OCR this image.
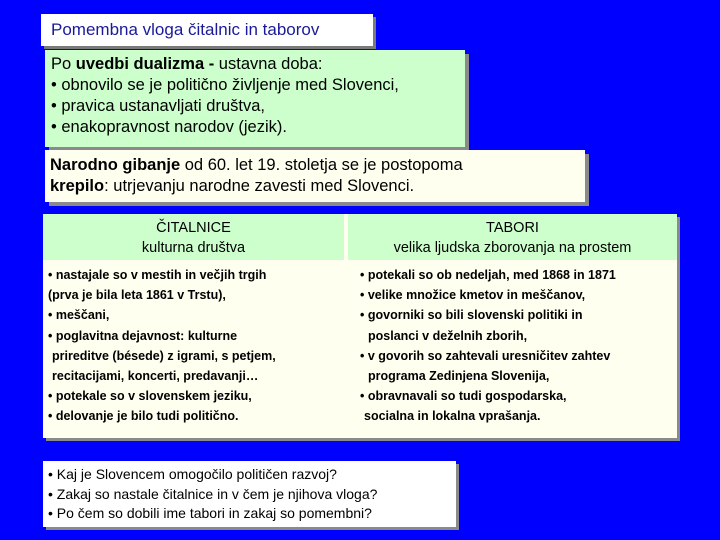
Pomembna vloga čitalnic in taborov
Po uvedbi dualizma - ustavna doba:
• obnovilo se je politično življenje med Slovenci,
• pravica ustanavljati društva,
• enakopravnost narodov (jezik).
Narodno gibanje od 60. let 19. stoletja se je postopoma
krepilo: utrjevanju narodne zavesti med Slovenci.
ČITALNICE
kulturna društva
• nastajale so v mestih in večjih trgih
(prva je bila leta 1861 v Trstu),
• meščani,
• poglavitna dejavnost: kulturne
prireditve (bésede) z igrami, s petjem,
recitacijami, koncerti, predavanji…
• potekale so v slovenskem jeziku,
• delovanje je bilo tudi politično.
TABORI
velika ljudska zborovanja na prostem
• potekali so ob nedeljah, med 1868 in 1871
• velike množice kmetov in meščanov,
• govorniki so bili slovenski politiki in
poslanci v deželnih zborih,
• v govorih so zahtevali uresničitev zahtev
programa Zedinjena Slovenija,
• obravnavali so tudi gospodarska,
socialna in lokalna vprašanja.
• Kaj je Slovencem omogočilo političen razvoj?
• Zakaj so nastale čitalnice in v čem je njihova vloga?
• Po čem so dobili ime tabori in zakaj so pomembni?
